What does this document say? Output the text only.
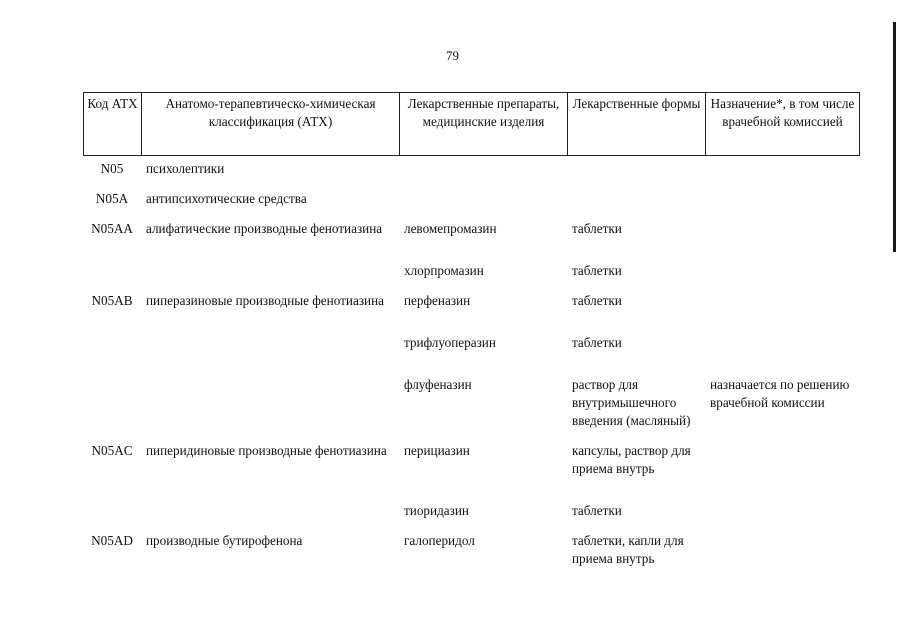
79
Код АТХ	Анатомо-терапевтическо-химическая классификация (АТХ)	Лекарственные препараты, медицинские изделия	Лекарственные формы	Назначение*, в том числе врачебной комиссией
N05	психолептики			
N05A	антипсихотические средства			
N05AA	алифатические производные фенотиазина	левомепромазин	таблетки	
		хлорпромазин	таблетки	
N05AB	пиперазиновые производные фенотиазина	перфеназин	таблетки	
		трифлуоперазин	таблетки	
		флуфеназин	раствор для внутримышечного введения (масляный)	назначается по решению врачебной комиссии
N05AC	пиперидиновые производные фенотиазина	перициазин	капсулы, раствор для приема внутрь	
		тиоридазин	таблетки	
N05AD	производные бутирофенона	галоперидол	таблетки, капли для приема внутрь	
